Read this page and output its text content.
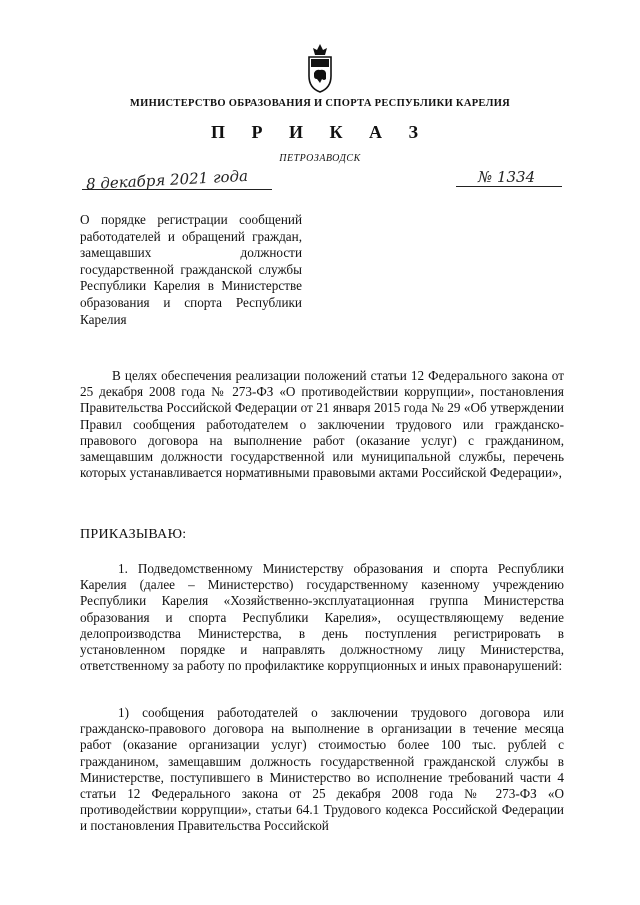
МИНИСТЕРСТВО ОБРАЗОВАНИЯ И СПОРТА РЕСПУБЛИКИ КАРЕЛИЯ
П Р И К А З
ПЕТРОЗАВОДСК
8 декабря 2021 года	№ 1334
О порядке регистрации сообщений работодателей и обращений граждан, замещавших должности государственной гражданской службы Республики Карелия в Министерстве образования и спорта Республики Карелия

В целях обеспечения реализации положений статьи 12 Федерального закона от 25 декабря 2008 года № 273-ФЗ «О противодействии коррупции», постановления Правительства Российской Федерации от 21 января 2015 года № 29 «Об утверждении Правил сообщения работодателем о заключении трудового или гражданско-правового договора на выполнение работ (оказание услуг) с гражданином, замещавшим должности государственной или муниципальной службы, перечень которых устанавливается нормативными правовыми актами Российской Федерации»,

ПРИКАЗЫВАЮ:

1. Подведомственному Министерству образования и спорта Республики Карелия (далее – Министерство) государственному казенному учреждению Республики Карелия «Хозяйственно-эксплуатационная группа Министерства образования и спорта Республики Карелия», осуществляющему ведение делопроизводства Министерства, в день поступления регистрировать в установленном порядке и направлять должностному лицу Министерства, ответственному за работу по профилактике коррупционных и иных правонарушений:

1) сообщения работодателей о заключении трудового договора или гражданско-правового договора на выполнение в организации в течение месяца работ (оказание организации услуг) стоимостью более 100 тыс. рублей с гражданином, замещавшим должность государственной гражданской службы в Министерстве, поступившего в Министерство во исполнение требований части 4 статьи 12 Федерального закона от 25 декабря 2008 года № 273-ФЗ «О противодействии коррупции», статьи 64.1 Трудового кодекса Российской Федерации и постановления Правительства Российской
